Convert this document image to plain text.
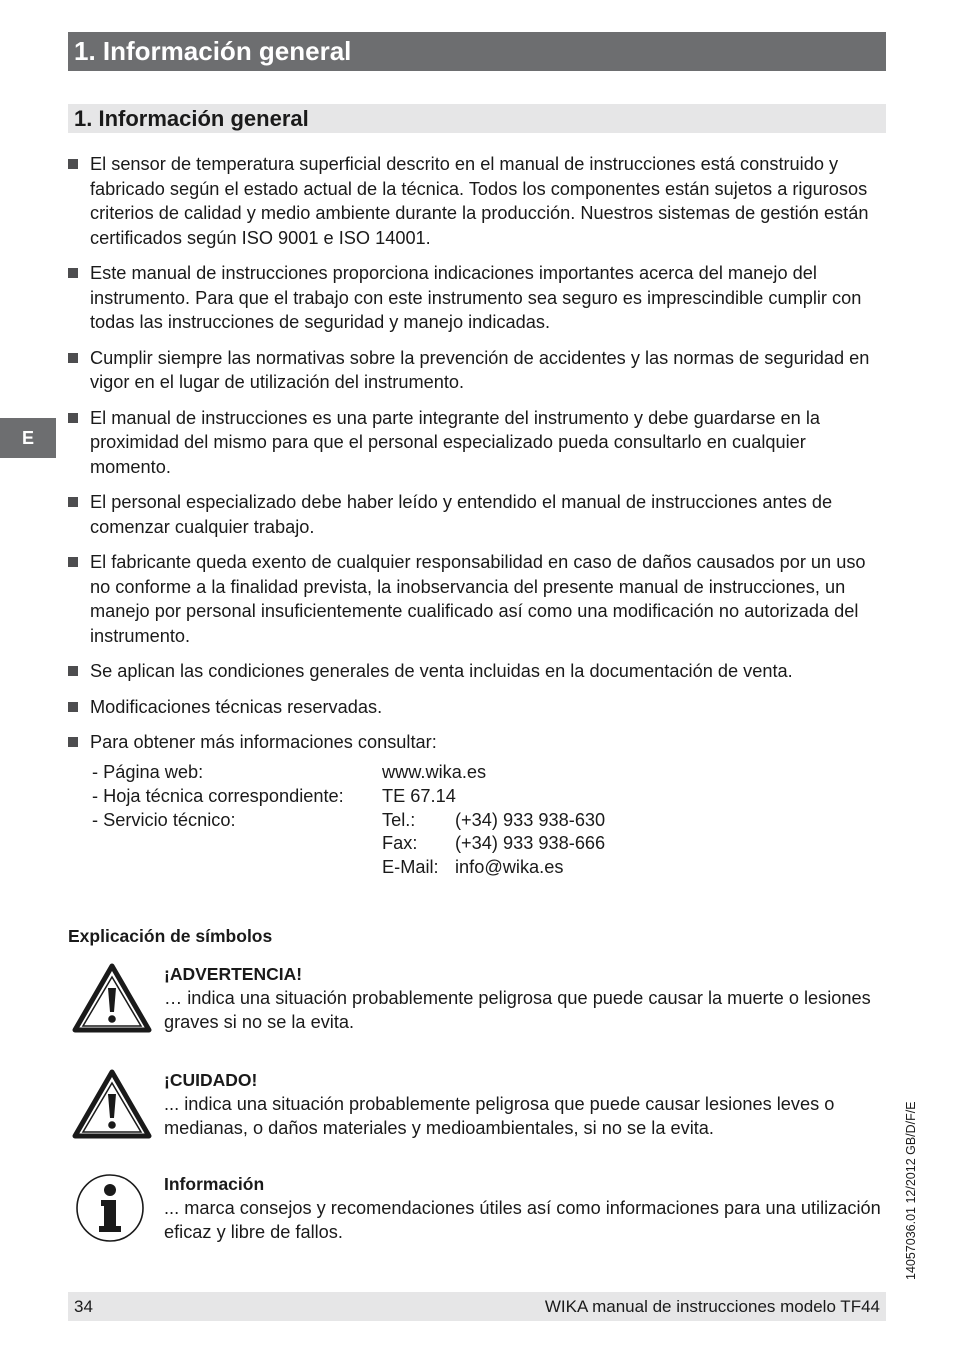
1. Información general
1. Información general
E
El sensor de temperatura superficial descrito en el manual de instrucciones está construido y fabricado según el estado actual de la técnica. Todos los componentes están sujetos a rigurosos criterios de calidad y medio ambiente durante la producción. Nuestros sistemas de gestión están certificados según ISO 9001 e ISO 14001.
Este manual de instrucciones proporciona indicaciones importantes acerca del manejo del instrumento. Para que el trabajo con este instrumento sea seguro es imprescindible cumplir con todas las instrucciones de seguridad y manejo indicadas.
Cumplir siempre las normativas sobre la prevención de accidentes y las normas de seguridad en vigor en el lugar de utilización del instrumento.
El manual de instrucciones es una parte integrante del instrumento y debe guardarse en la proximidad del mismo para que el personal especializado pueda consultarlo en cualquier momento.
El personal especializado debe haber leído y entendido el manual de instrucciones antes de comenzar cualquier trabajo.
El fabricante queda exento de cualquier responsabilidad en caso de daños causados por un uso no conforme a la finalidad prevista, la inobservancia del presente manual de instrucciones, un manejo por personal insuficientemente cualificado así como una modificación no autorizada del instrumento.
Se aplican las condiciones generales de venta incluidas en la documentación de venta.
Modificaciones técnicas reservadas.
Para obtener más informaciones consultar:
- Página web:	www.wika.es
- Hoja técnica correspondiente: TE 67.14
- Servicio técnico:	Tel.: (+34) 933 938-630
Fax: (+34) 933 938-666
E-Mail: info@wika.es
Explicación de símbolos
¡ADVERTENCIA!
… indica una situación probablemente peligrosa que puede causar la muerte o lesiones graves si no se la evita.
¡CUIDADO!
... indica una situación probablemente peligrosa que puede causar lesiones leves o medianas, o daños materiales y medioambientales, si no se la evita.
Información
... marca consejos y recomendaciones útiles así como informaciones para una utilización eficaz y libre de fallos.	14057036.01 12/2012 GB/D/F/E
34	WIKA manual de instrucciones modelo TF44
